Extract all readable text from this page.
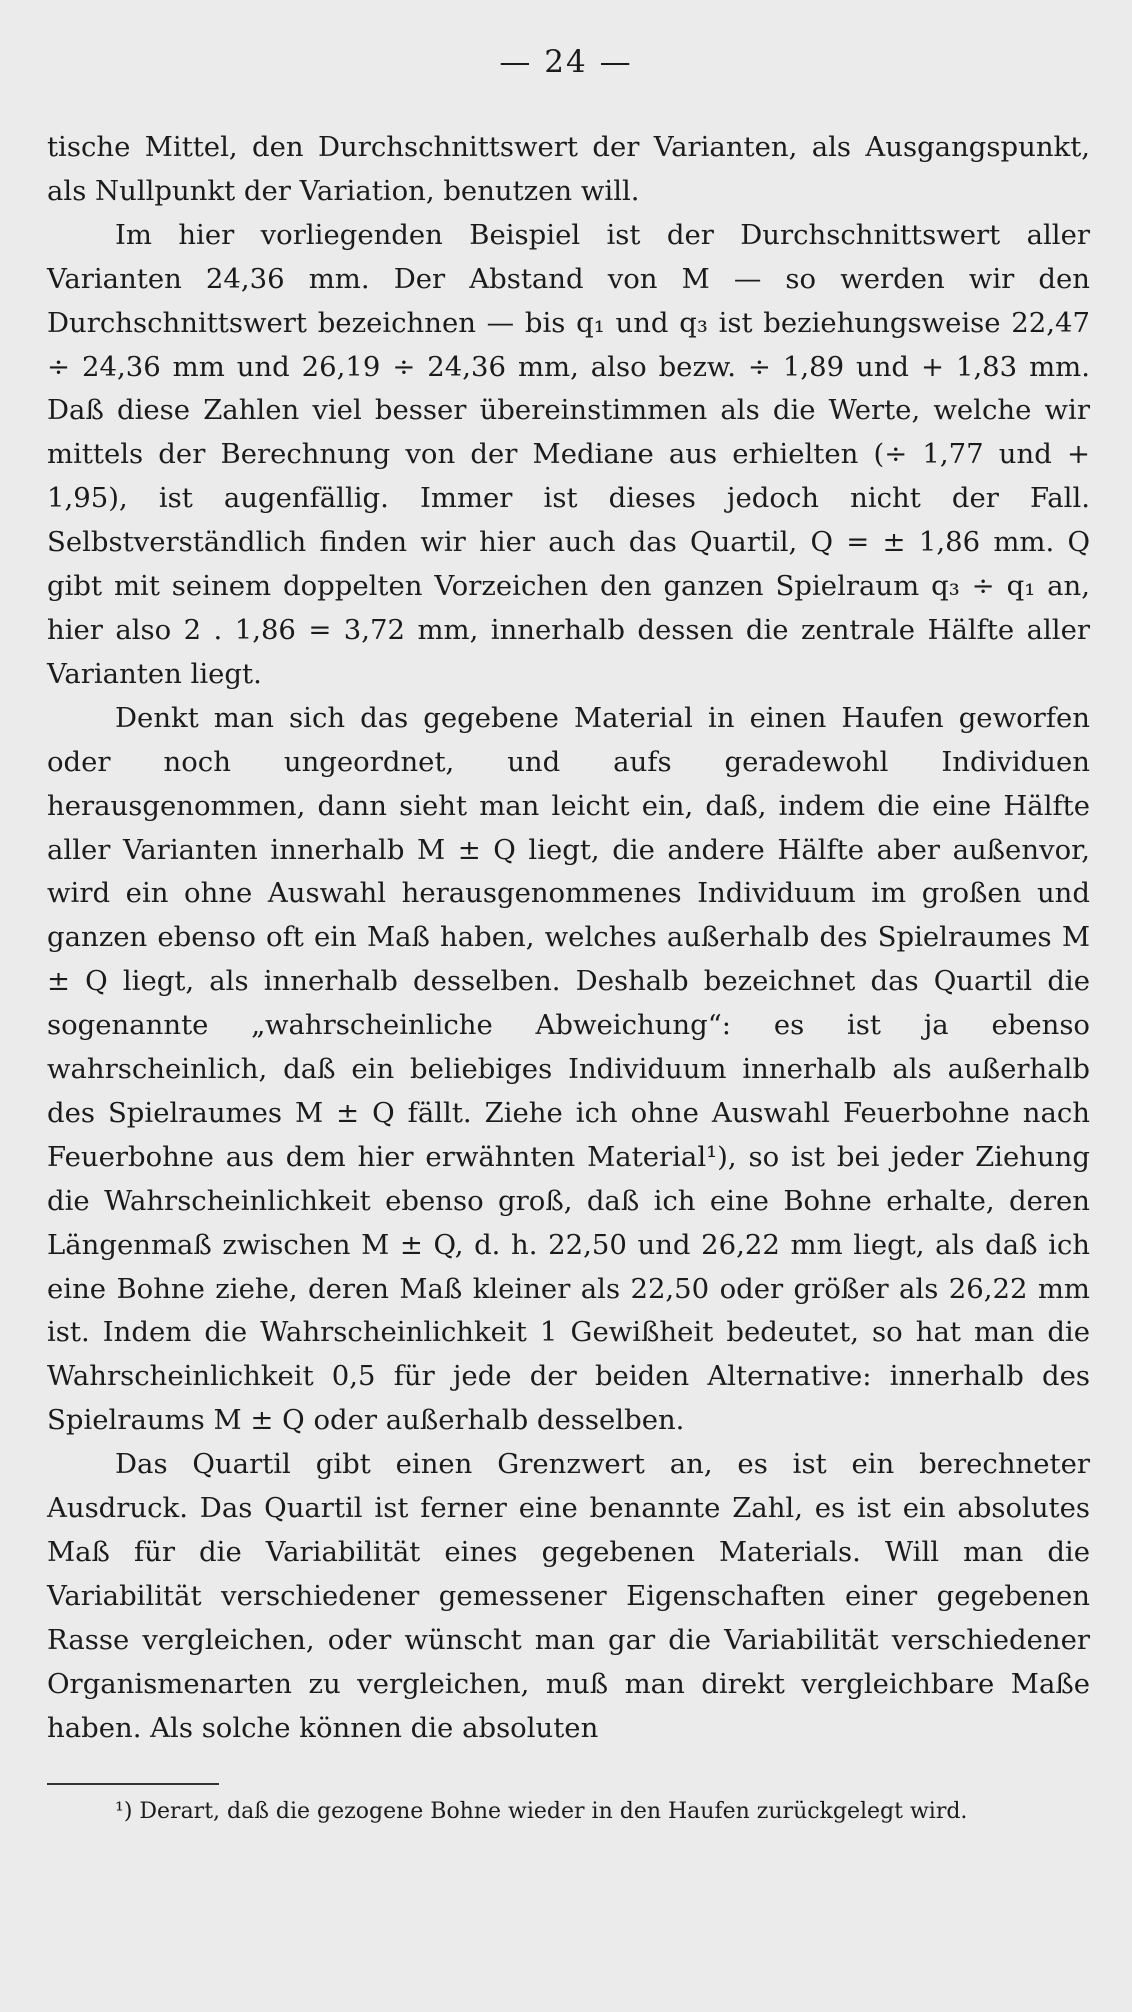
— 24 —

tische Mittel, den Durchschnittswert der Varianten, als Ausgangspunkt, als Nullpunkt der Variation, benutzen will.

Im hier vorliegenden Beispiel ist der Durchschnittswert aller Varianten 24,36 mm. Der Abstand von M — so werden wir den Durchschnittswert bezeichnen — bis q₁ und q₃ ist beziehungsweise 22,47 ÷ 24,36 mm und 26,19 ÷ 24,36 mm, also bezw. ÷ 1,89 und + 1,83 mm. Daß diese Zahlen viel besser übereinstimmen als die Werte, welche wir mittels der Berechnung von der Mediane aus erhielten (÷ 1,77 und + 1,95), ist augenfällig. Immer ist dieses jedoch nicht der Fall. Selbstverständlich finden wir hier auch das Quartil, Q = ± 1,86 mm. Q gibt mit seinem doppelten Vorzeichen den ganzen Spielraum q₃ ÷ q₁ an, hier also 2 . 1,86 = 3,72 mm, innerhalb dessen die zentrale Hälfte aller Varianten liegt.

Denkt man sich das gegebene Material in einen Haufen geworfen oder noch ungeordnet, und aufs geradewohl Individuen herausgenommen, dann sieht man leicht ein, daß, indem die eine Hälfte aller Varianten innerhalb M ± Q liegt, die andere Hälfte aber außenvor, wird ein ohne Auswahl herausgenommenes Individuum im großen und ganzen ebenso oft ein Maß haben, welches außerhalb des Spielraumes M ± Q liegt, als innerhalb desselben. Deshalb bezeichnet das Quartil die sogenannte „wahrscheinliche Abweichung“: es ist ja ebenso wahrscheinlich, daß ein beliebiges Individuum innerhalb als außerhalb des Spielraumes M ± Q fällt. Ziehe ich ohne Auswahl Feuerbohne nach Feuerbohne aus dem hier erwähnten Material¹), so ist bei jeder Ziehung die Wahrscheinlichkeit ebenso groß, daß ich eine Bohne erhalte, deren Längenmaß zwischen M ± Q, d. h. 22,50 und 26,22 mm liegt, als daß ich eine Bohne ziehe, deren Maß kleiner als 22,50 oder größer als 26,22 mm ist. Indem die Wahrscheinlichkeit 1 Gewißheit bedeutet, so hat man die Wahrscheinlichkeit 0,5 für jede der beiden Alternative: innerhalb des Spielraums M ± Q oder außerhalb desselben.

Das Quartil gibt einen Grenzwert an, es ist ein berechneter Ausdruck. Das Quartil ist ferner eine benannte Zahl, es ist ein absolutes Maß für die Variabilität eines gegebenen Materials. Will man die Variabilität verschiedener gemessener Eigenschaften einer gegebenen Rasse vergleichen, oder wünscht man gar die Variabilität verschiedener Organismenarten zu vergleichen, muß man direkt vergleichbare Maße haben. Als solche können die absoluten

¹) Derart, daß die gezogene Bohne wieder in den Haufen zurückgelegt wird.
